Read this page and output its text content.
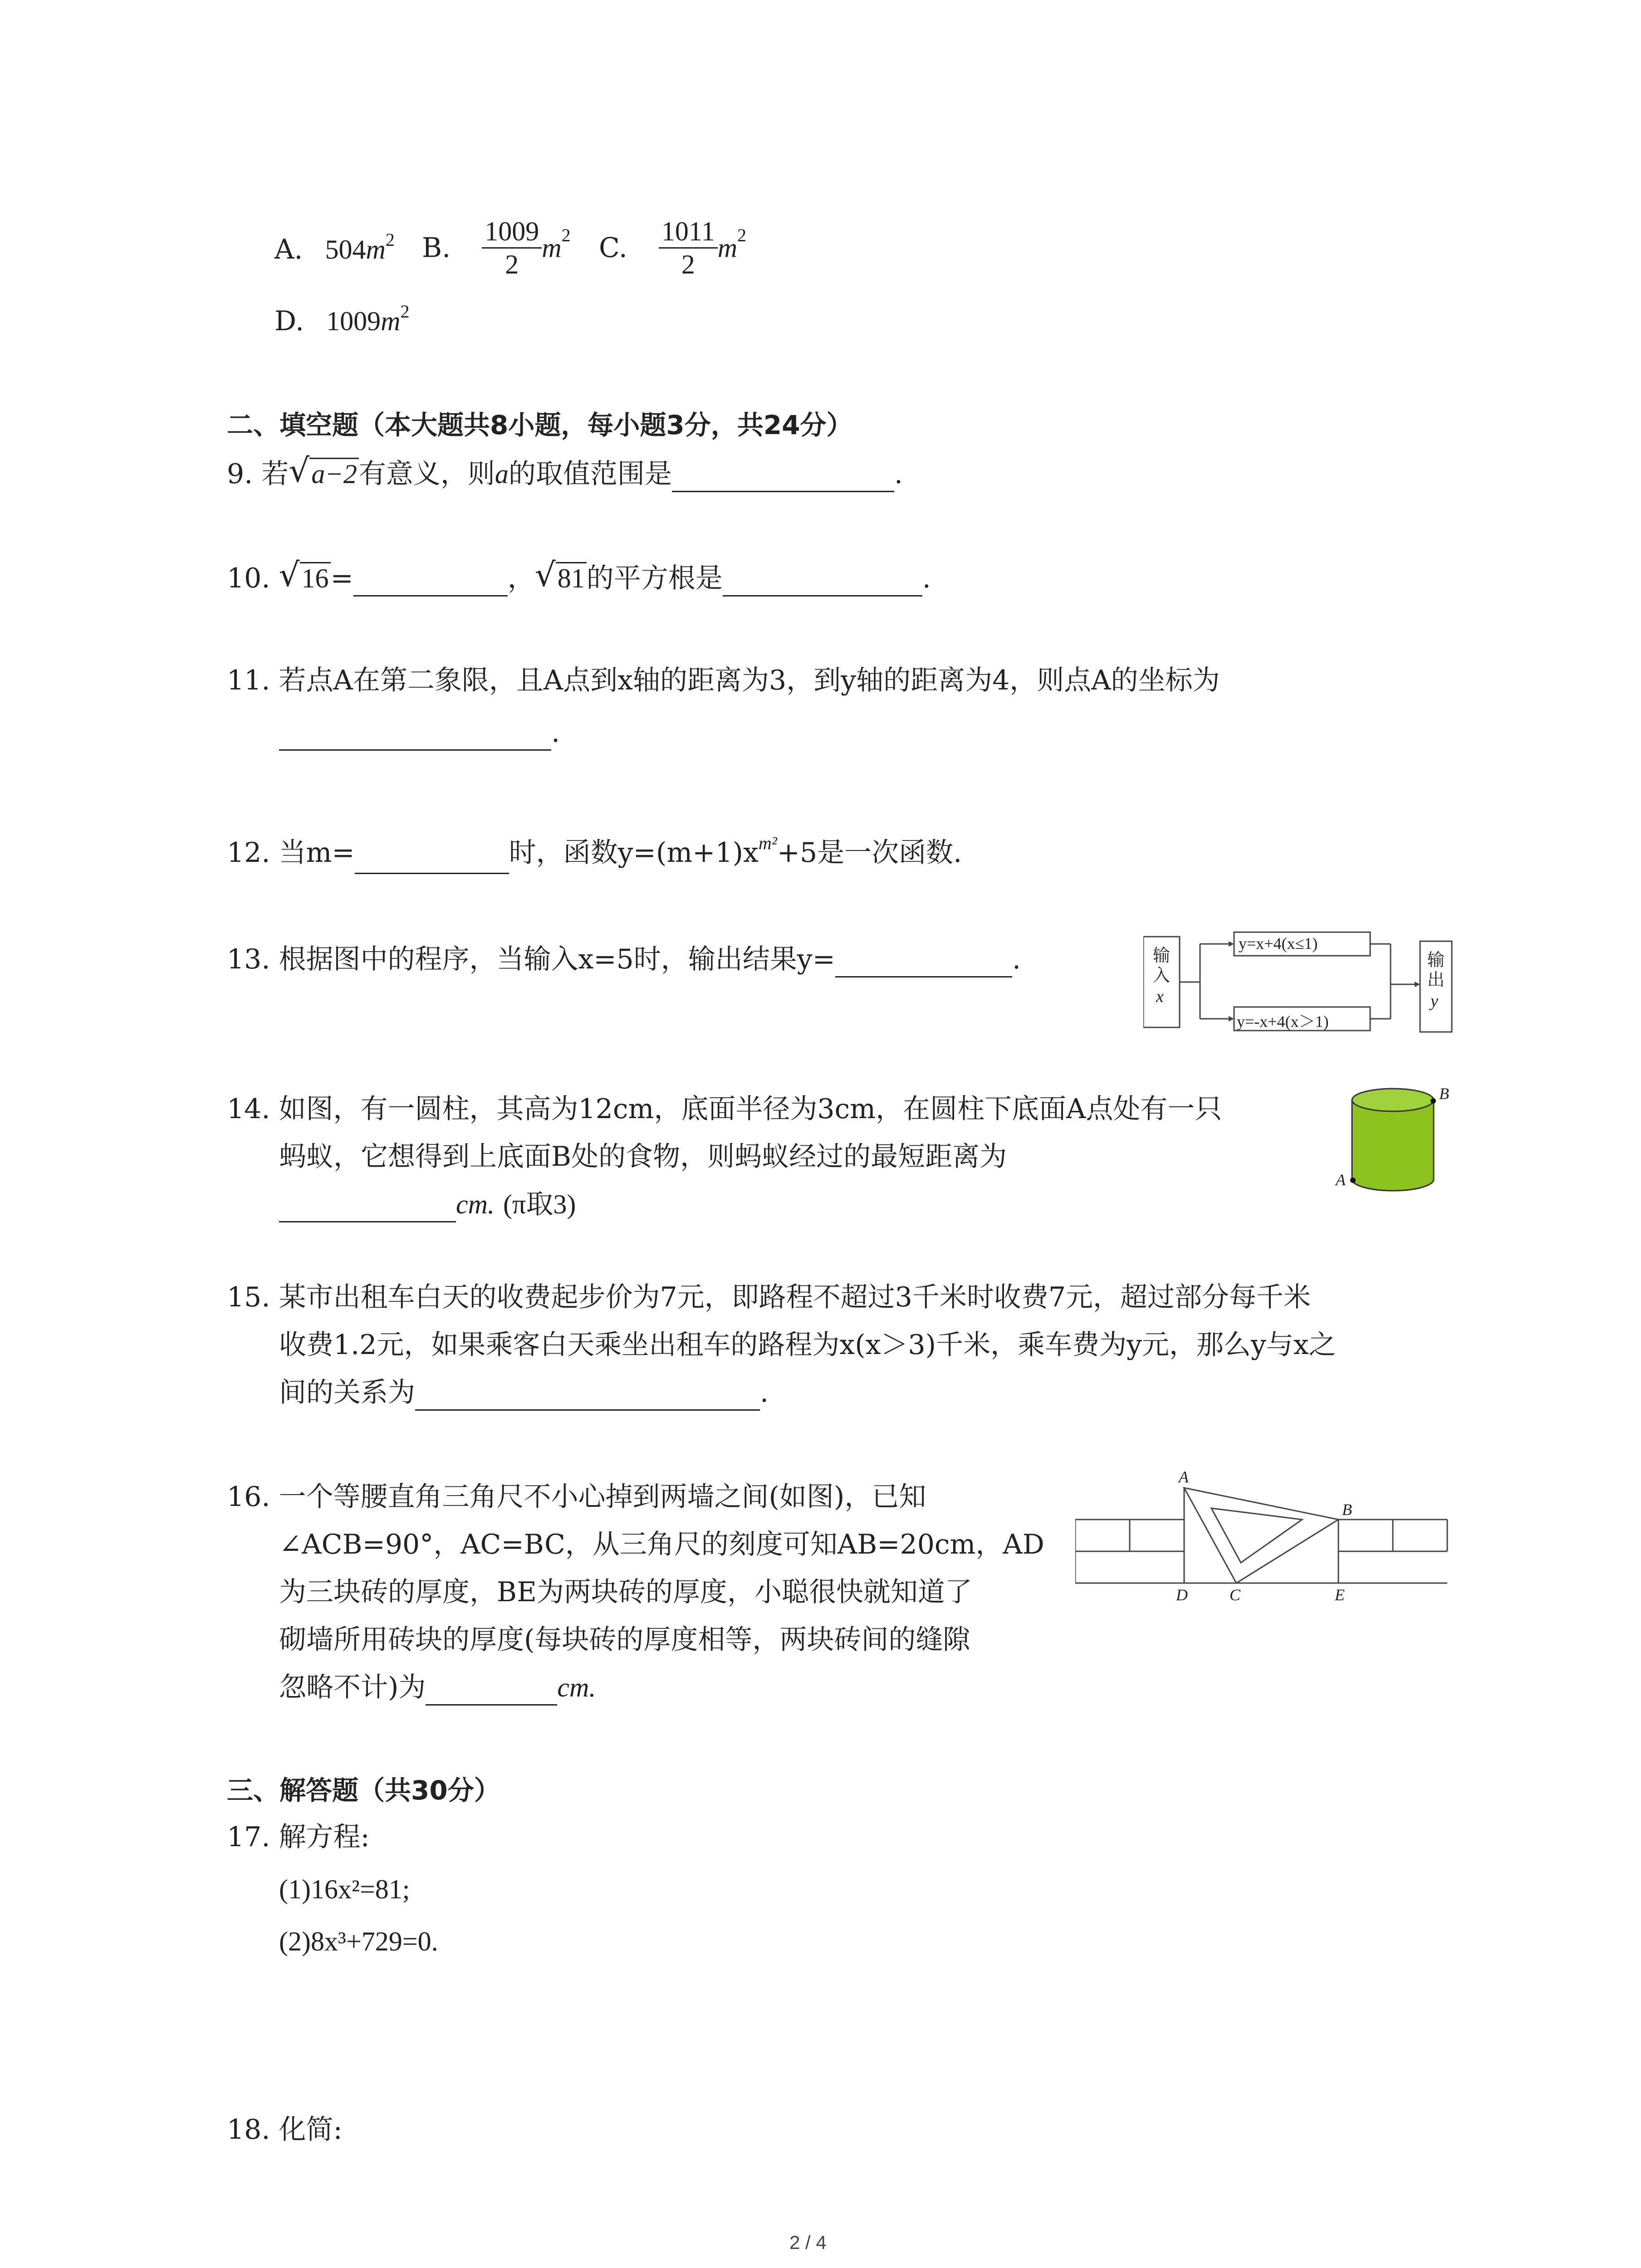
A. $504m^2$ B. $\frac{1009}{2} m^2$ C. $\frac{1011}{2} m^2$
D. $1009m^2$
二、填空题（本大题共8小题，每小题3分，共24分）
9. 若 √ a−2有意义，则a的取值范围是	.
10. √ 16=	， √ 81的平方根是	.
11. 若点A在第二象限，且A点到x轴的距离为3，到y轴的距离为4，则点A的坐标为
.
12. 当m=	时，函数$y=(m+1)x^{m^2}+5$是一次函数.
13. 根据图中的程序，当输入x=5时，输出结果y=	.	输入
x
y=x+4(x≤1)
y=-x+4(x＞1)
输出
y
14. 如图，有一圆柱，其高为12cm，底面半径为3cm，在圆柱下底面A点处有一只
蚂蚁，它想得到上底面B处的食物，则蚂蚁经过的最短距离为
cm. (π取3)
A
B
15. 某市出租车白天的收费起步价为7元，即路程不超过3千米时收费7元，超过部分每千米
收费1.2元，如果乘客白天乘坐出租车的路程为x(x＞3)千米，乘车费为y元，那么y与x之
间的关系为	.
16. 一个等腰直角三角尺不小心掉到两墙之间(如图)，已知
∠ACB=90°，AC=BC，从三角尺的刻度可知AB=20cm，AD
为三块砖的厚度，BE为两块砖的厚度，小聪很快就知道了
砌墙所用砖块的厚度(每块砖的厚度相等，两块砖间的缝隙
忽略不计)为	cm.
A
B
C
D	E
三、解答题（共30分）
17. 解方程:
(1)16x²=81;
(2)8x³+729=0.
18. 化简:
2 / 4
